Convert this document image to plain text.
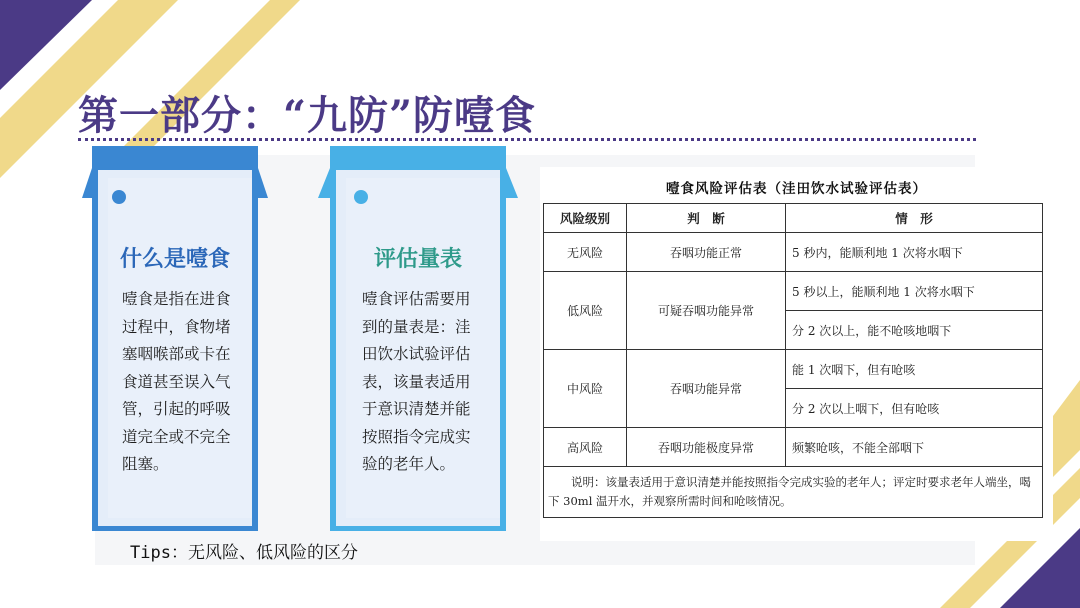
第一部分：“九防”防噎食
什么是噎食
噎食是指在进食
过程中，食物堵
塞咽喉部或卡在
食道甚至误入气
管，引起的呼吸
道完全或不完全
阻塞。
评估量表
噎食评估需要用
到的量表是：洼
田饮水试验评估
表，该量表适用
于意识清楚并能
按照指令完成实
验的老年人。
噎食风险评估表（洼田饮水试验评估表）
风险级别	判　断	情　形
无风险	吞咽功能正常	5 秒内，能顺利地 1 次将水咽下
低风险	可疑吞咽功能异常	5 秒以上，能顺利地 1 次将水咽下
		分 2 次以上，能不呛咳地咽下
中风险	吞咽功能异常	能 1 次咽下，但有呛咳
		分 2 次以上咽下，但有呛咳
高风险	吞咽功能极度异常	频繁呛咳，不能全部咽下
说明：该量表适用于意识清楚并能按照指令完成实验的老年人；评定时要求老年人端坐，喝下 30ml 温开水，并观察所需时间和呛咳情况。		
Tips：无风险、低风险的区分
